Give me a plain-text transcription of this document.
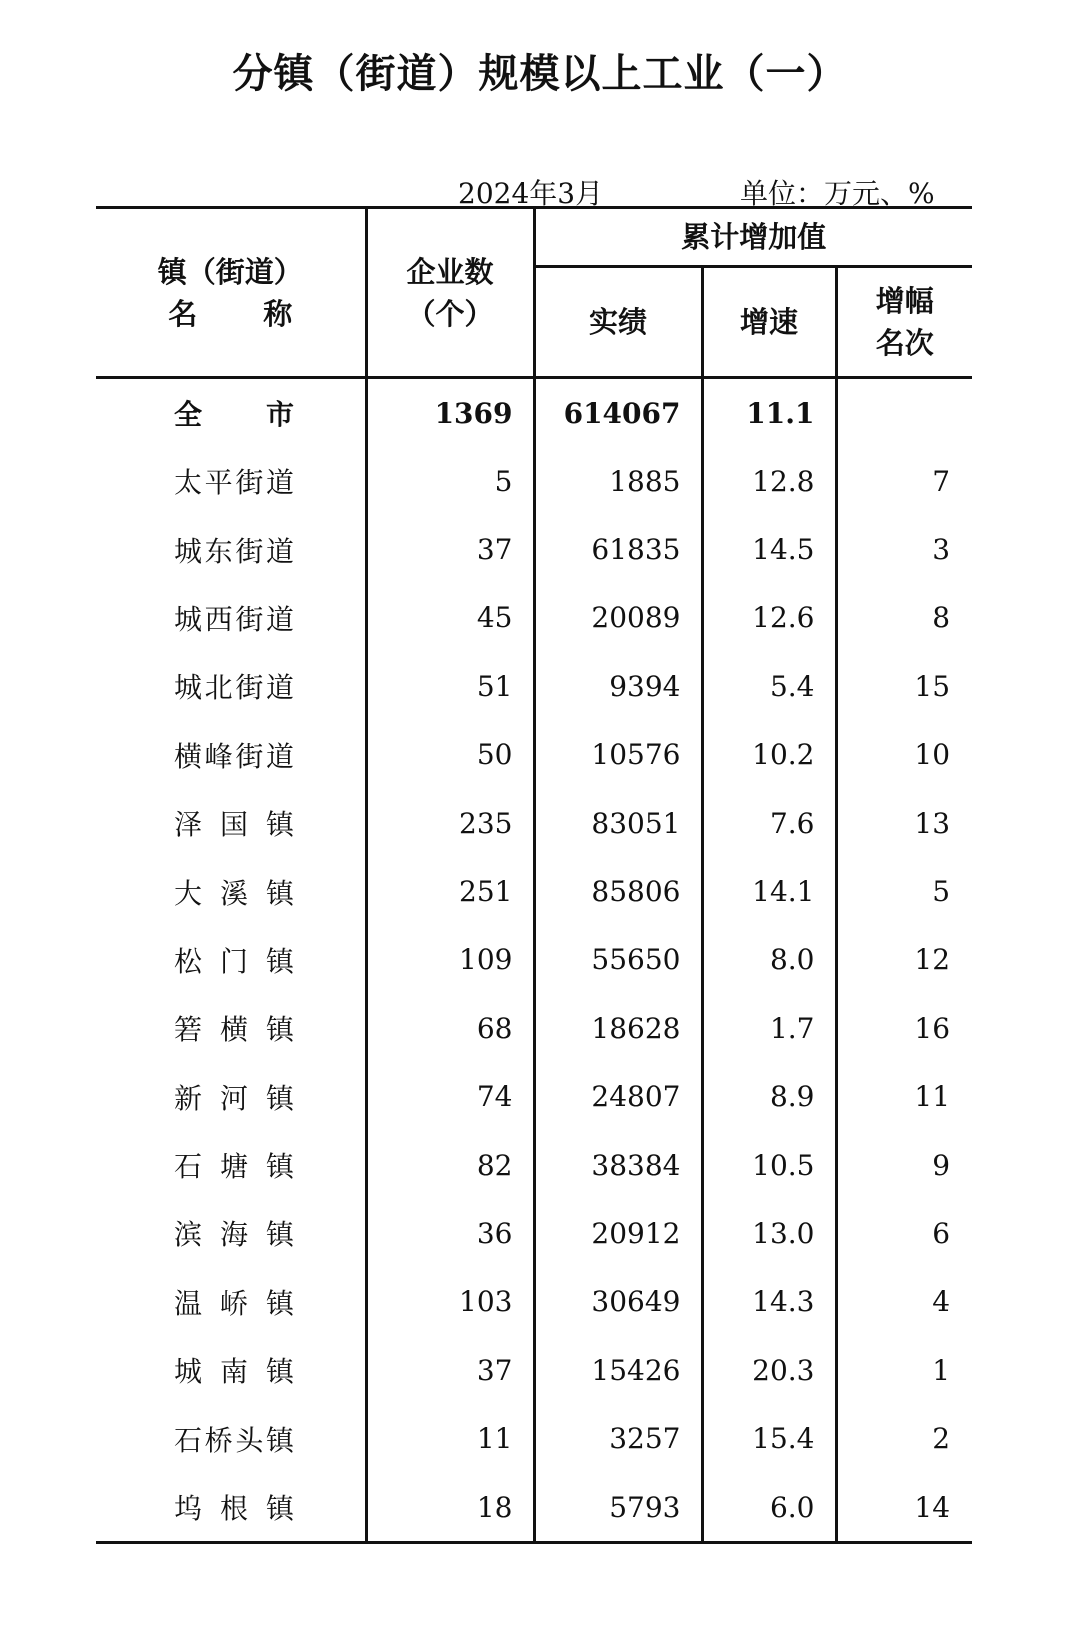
分镇（街道）规模以上工业（一）
2024年3月	单位：万元、%
镇（街道）
名 称	企业数
（个）	累计增加值		
		实绩	增速	增幅
名次

全市	1369	614067	11.1	
太平街道	5	1885	12.8	7
城东街道	37	61835	14.5	3
城西街道	45	20089	12.6	8
城北街道	51	9394	5.4	15
横峰街道	50	10576	10.2	10
泽国镇	235	83051	7.6	13
大溪镇	251	85806	14.1	5
松门镇	109	55650	8.0	12
箬横镇	68	18628	1.7	16
新河镇	74	24807	8.9	11
石塘镇	82	38384	10.5	9
滨海镇	36	20912	13.0	6
温峤镇	103	30649	14.3	4
城南镇	37	15426	20.3	1
石桥头镇	11	3257	15.4	2
坞根镇	18	5793	6.0	14
